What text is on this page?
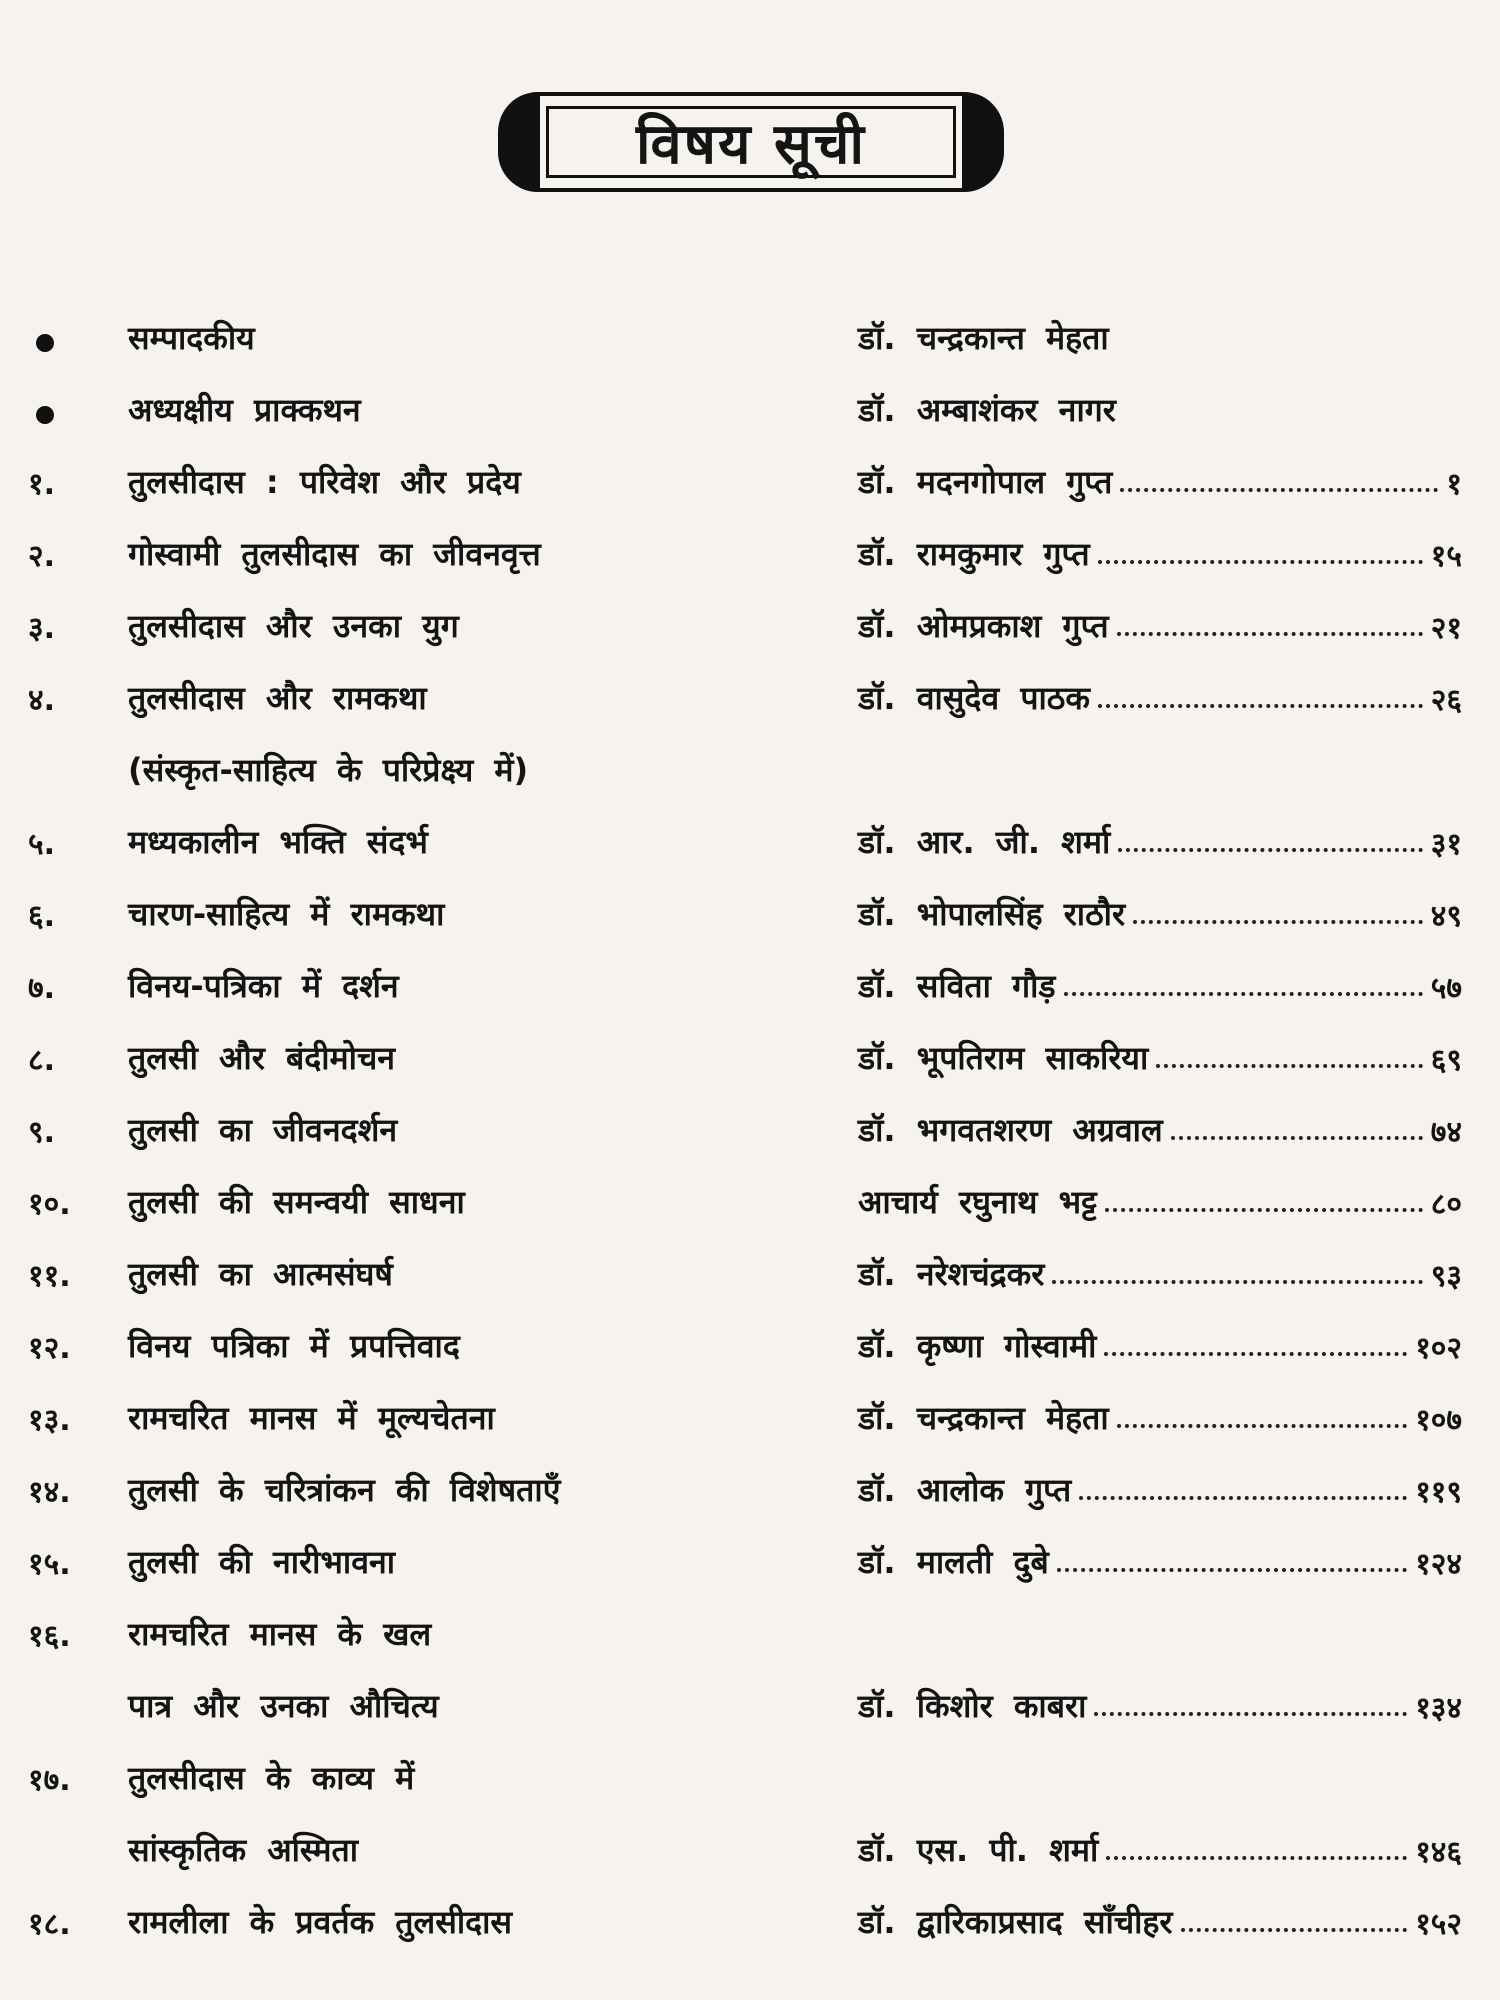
विषय सूची
सम्पादकीय	डॉ. चन्द्रकान्त मेहता
अध्यक्षीय प्राक्कथन	डॉ. अम्बाशंकर नागर
१.	तुलसीदास : परिवेश और प्रदेय	डॉ. मदनगोपाल गुप्त	१
२.	गोस्वामी तुलसीदास का जीवनवृत्त	डॉ. रामकुमार गुप्त	१५
३.	तुलसीदास और उनका युग	डॉ. ओमप्रकाश गुप्त	२१
४.	तुलसीदास और रामकथा	डॉ. वासुदेव पाठक	२६
(संस्कृत-साहित्य के परिप्रेक्ष्य में)
५.	मध्यकालीन भक्ति संदर्भ	डॉ. आर. जी. शर्मा	३१
६.	चारण-साहित्य में रामकथा	डॉ. भोपालसिंह राठौर	४९
७.	विनय-पत्रिका में दर्शन	डॉ. सविता गौड़	५७
८.	तुलसी और बंदीमोचन	डॉ. भूपतिराम साकरिया	६९
९.	तुलसी का जीवनदर्शन	डॉ. भगवतशरण अग्रवाल	७४
१०.	तुलसी की समन्वयी साधना	आचार्य रघुनाथ भट्ट	८०
११.	तुलसी का आत्मसंघर्ष	डॉ. नरेशचंद्रकर	९३
१२.	विनय पत्रिका में प्रपत्तिवाद	डॉ. कृष्णा गोस्वामी	१०२
१३.	रामचरित मानस में मूल्यचेतना	डॉ. चन्द्रकान्त मेहता	१०७
१४.	तुलसी के चरित्रांकन की विशेषताएँ	डॉ. आलोक गुप्त	११९
१५.	तुलसी की नारीभावना	डॉ. मालती दुबे	१२४
१६.	रामचरित मानस के खल
पात्र और उनका औचित्य	डॉ. किशोर काबरा	१३४
१७.	तुलसीदास के काव्य में
सांस्कृतिक अस्मिता	डॉ. एस. पी. शर्मा	१४६
१८.	रामलीला के प्रवर्तक तुलसीदास	डॉ. द्वारिकाप्रसाद साँचीहर	१५२
